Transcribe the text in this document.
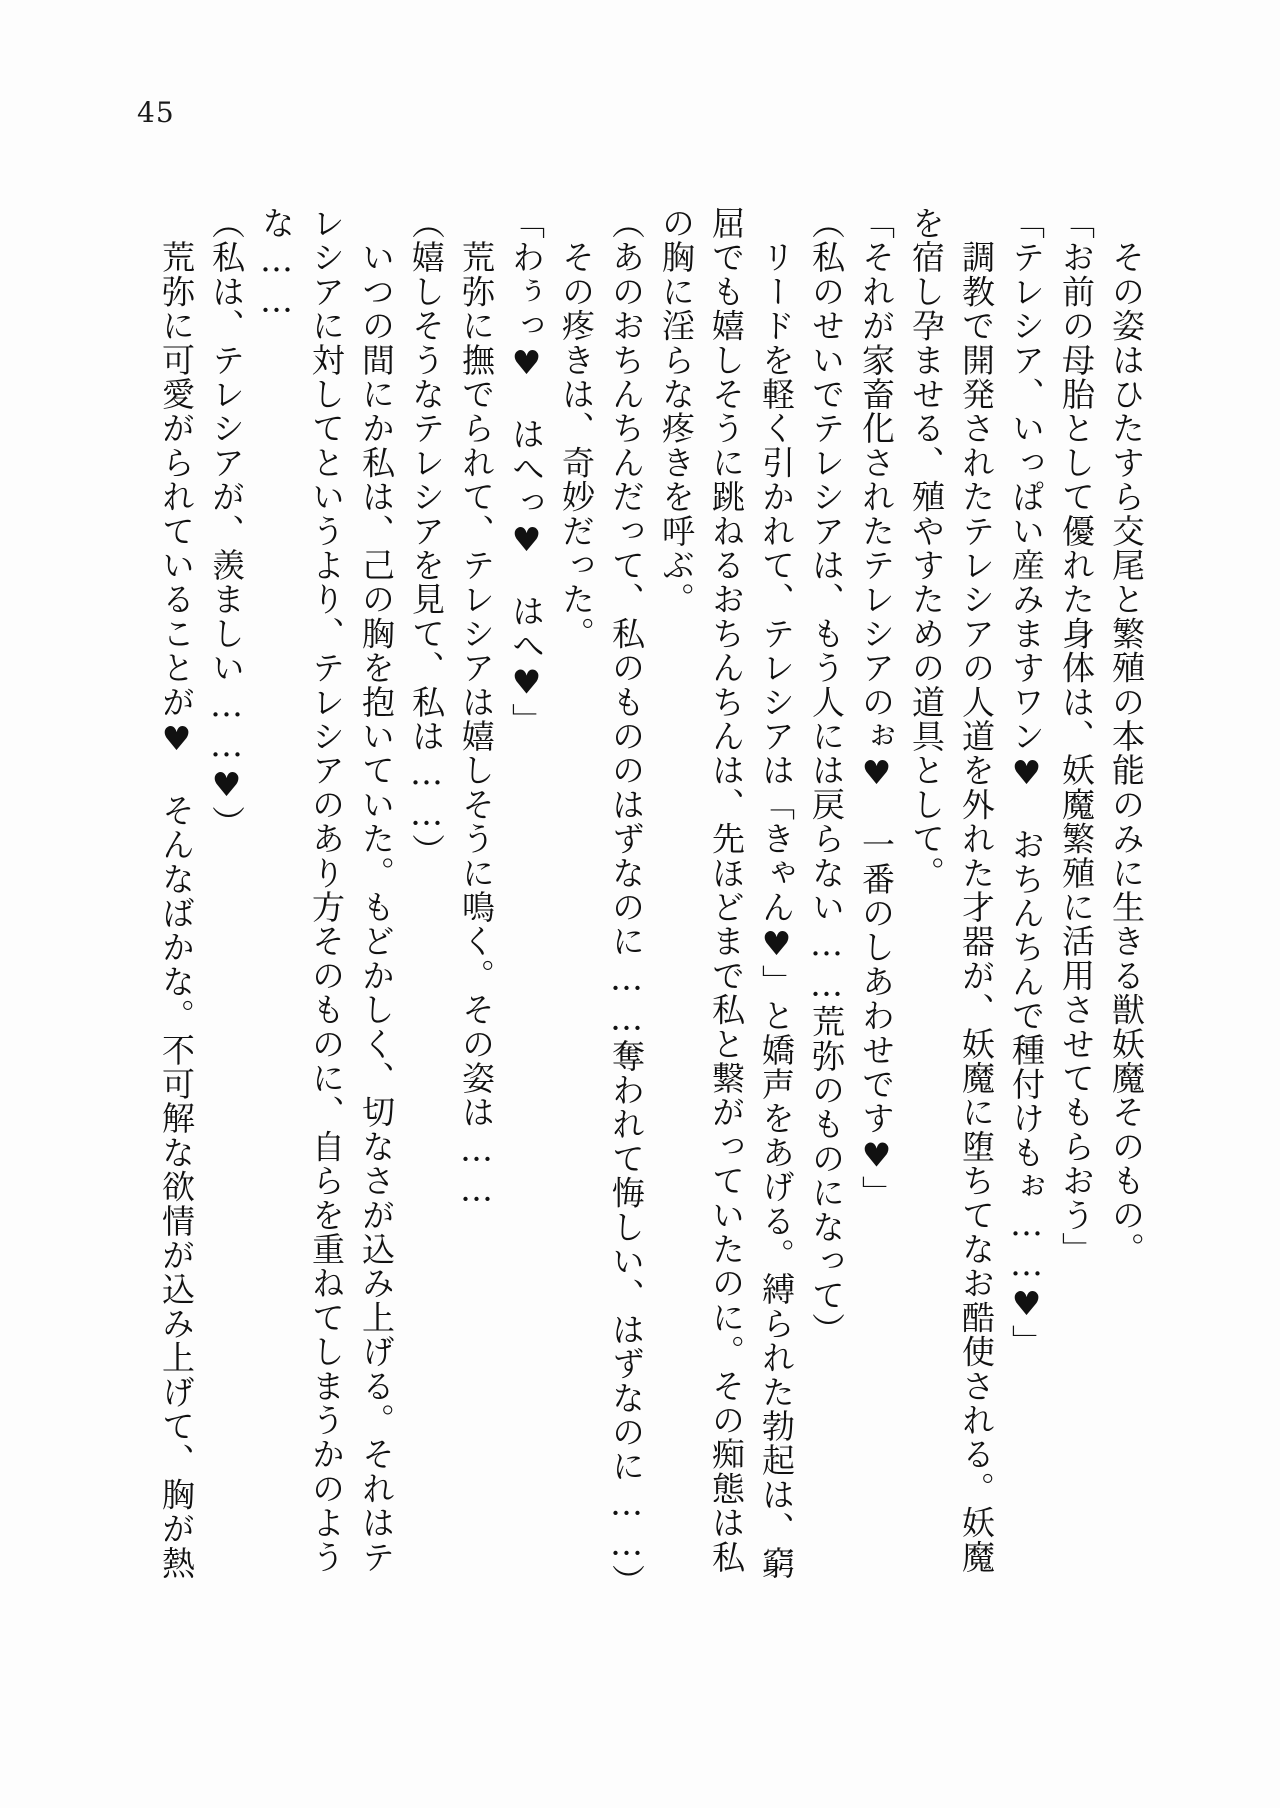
45

　その姿はひたすら交尾と繁殖の本能のみに生きる獣妖魔そのもの。

「お前の母胎として優れた身体は、妖魔繁殖に活用させてもらおう」

「テレシア、いっぱい産みますワン♥　おちんちんで種付けもぉ……♥」

　調教で開発されたテレシアの人道を外れた才器が、妖魔に堕ちてなお酷使される。妖魔

を宿し孕ませる、殖やすための道具として。

「それが家畜化されたテレシアのぉ♥　一番のしあわせです♥」

（私のせいでテレシアは、もう人には戻らない……荒弥のものになって）

　リードを軽く引かれて、テレシアは「きゃん♥」と嬌声をあげる。縛られた勃起は、窮

屈でも嬉しそうに跳ねるおちんちんは、先ほどまで私と繋がっていたのに。その痴態は私

の胸に淫らな疼きを呼ぶ。

（あのおちんちんだって、私のもののはずなのに……奪われて悔しい、はずなのに……）

　その疼きは、奇妙だった。

「わぅっ♥　はへっ♥　はへ♥」

　荒弥に撫でられて、テレシアは嬉しそうに鳴く。その姿は……

（嬉しそうなテレシアを見て、私は……）

　いつの間にか私は、己の胸を抱いていた。もどかしく、切なさが込み上げる。それはテ

レシアに対してというより、テレシアのあり方そのものに、自らを重ねてしまうかのよう

な……

（私は、テレシアが、羨ましい……♥）

　荒弥に可愛がられていることが♥　そんなばかな。不可解な欲情が込み上げて、胸が熱
